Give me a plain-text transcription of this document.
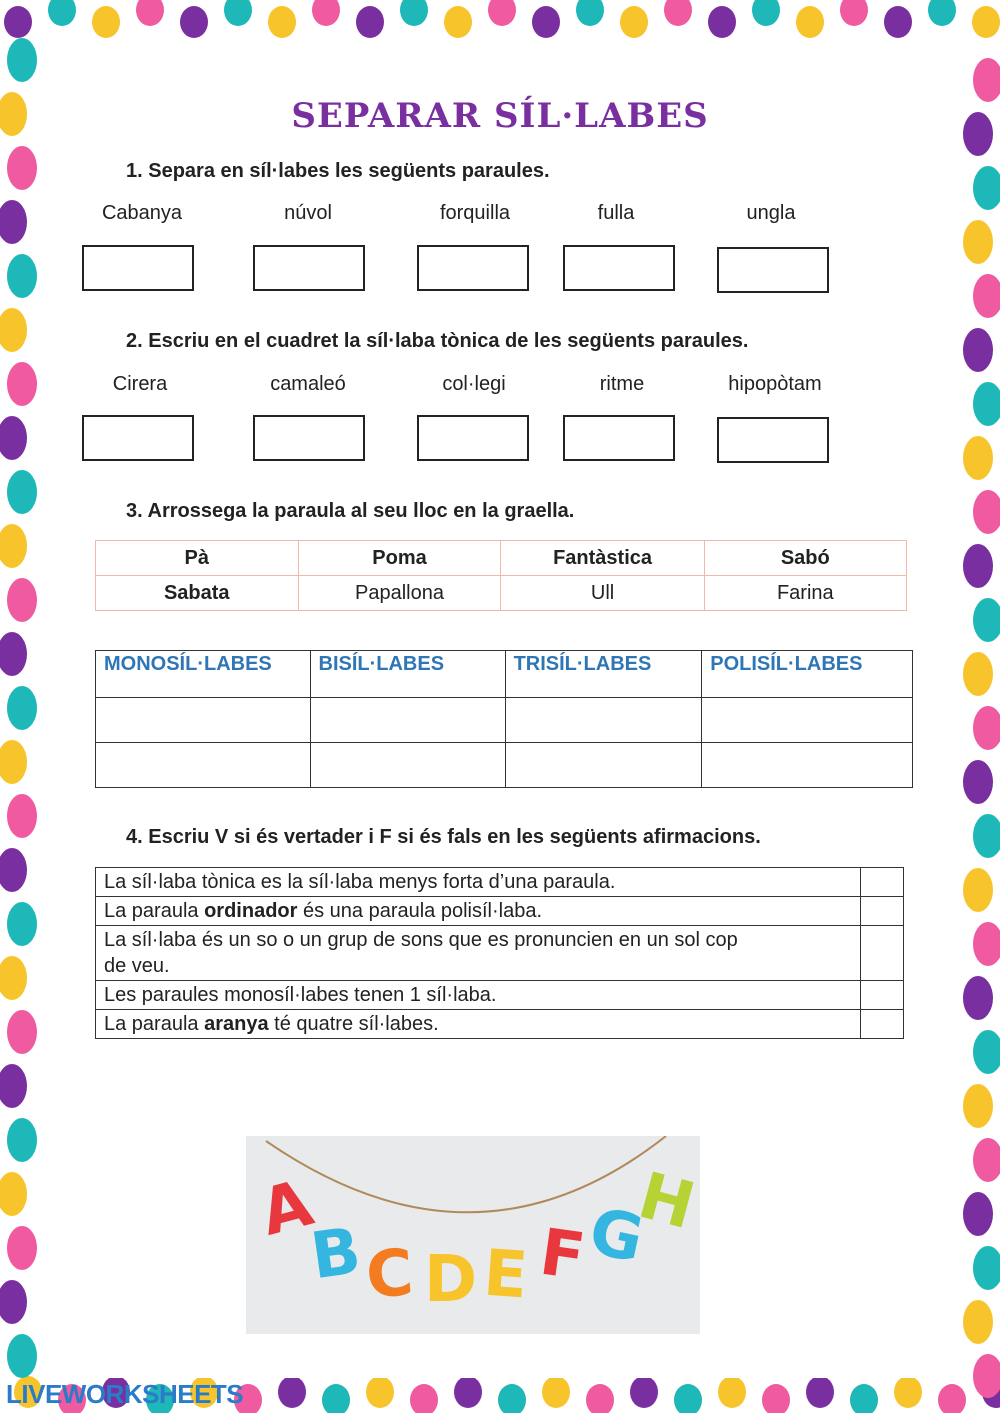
SEPARAR SÍL·LABES

1. Separa en síl·labes les següents paraules.

Cabanya	núvol	forquilla	fulla	ungla

2. Escriu en el cuadret la síl·laba tònica de les següents paraules.

Cirera	camaleó	col·legi	ritme	hipopòtam

3. Arrossega la paraula al seu lloc en la graella.

Pà	Poma	Fantàstica	Sabó
Sabata	Papallona	Ull	Farina
MONOSÍL·LABES	BISÍL·LABES	TRISÍL·LABES	POLISÍL·LABES

4. Escriu V si és vertader i F si és fals en les següents afirmacions.

La síl·laba tònica es la síl·laba menys forta d’una paraula.	
La paraula ordinador és una paraula polisíl·laba.	
La síl·laba és un so o un grup de sons que es pronuncien en un sol cop de veu.	
Les paraules monosíl·labes tenen 1 síl·laba.	
La paraula aranya té quatre síl·labes.	
A
B
C D E F
G
H
LIVEWORKSHEETS
